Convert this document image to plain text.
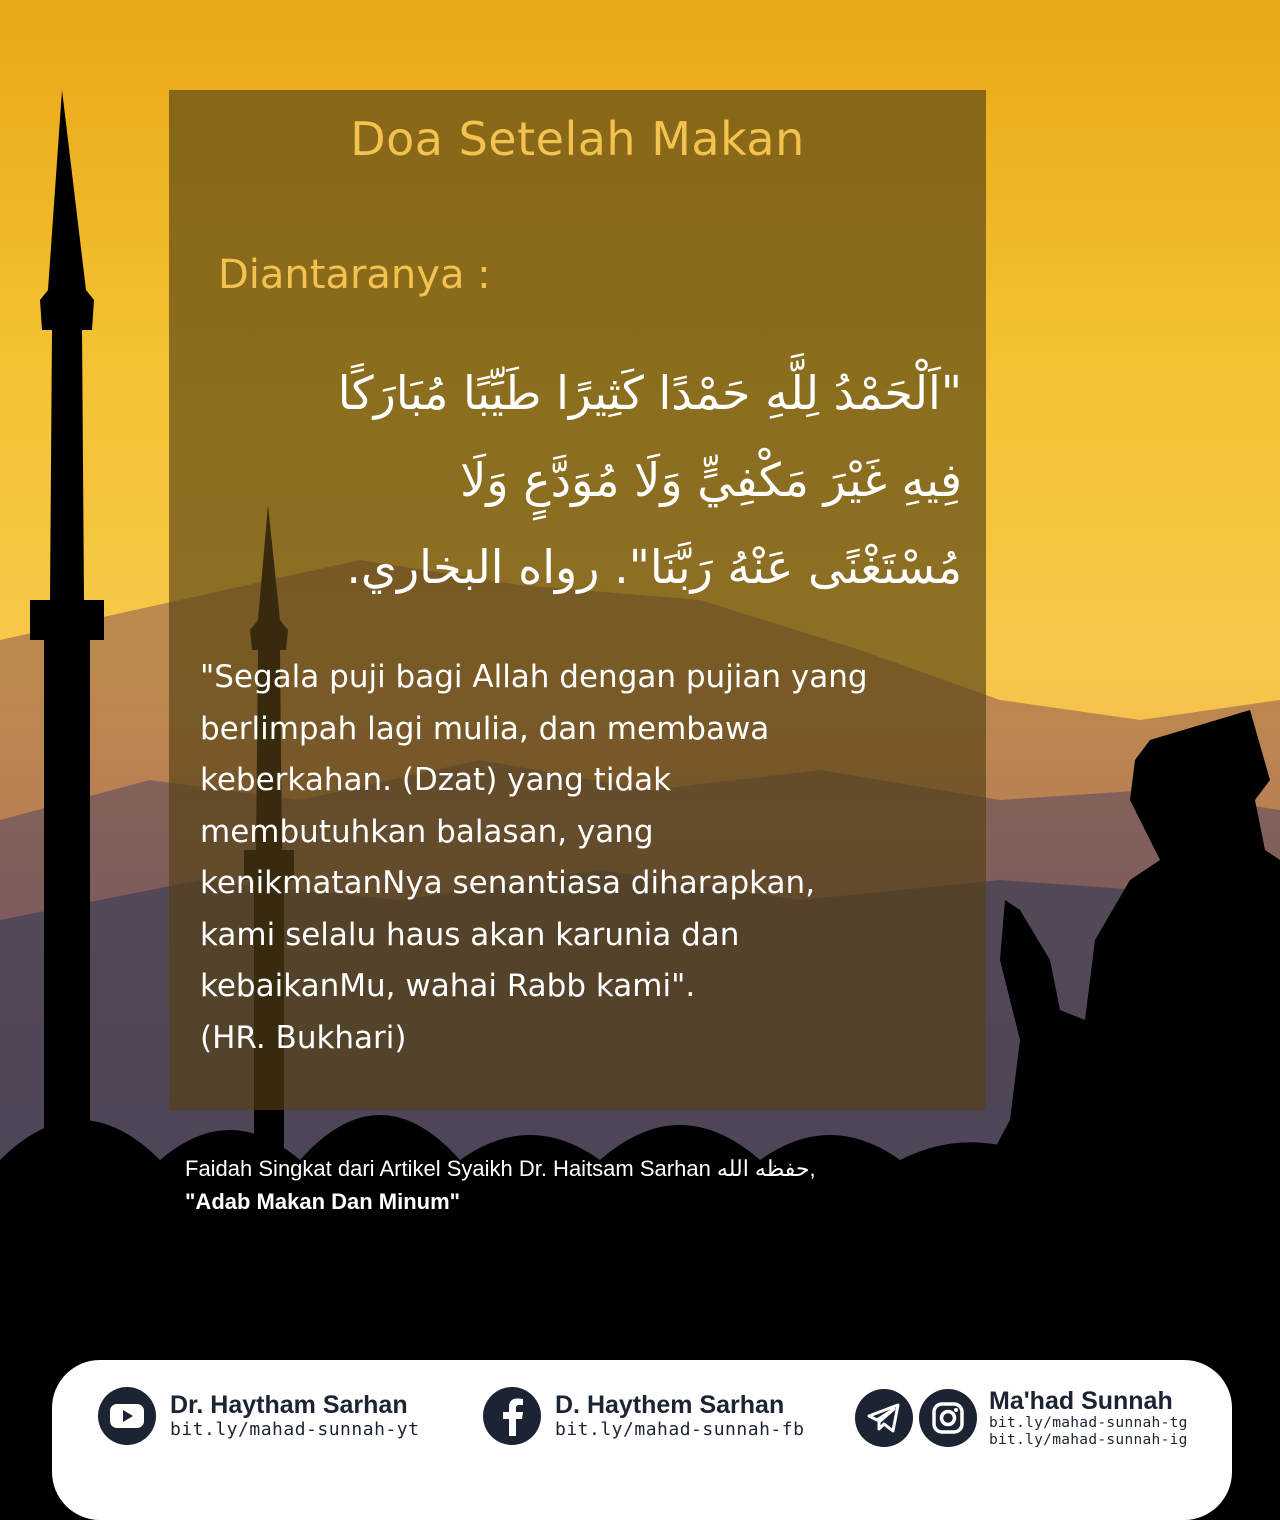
Doa Setelah Makan
Diantaranya :
"اَلْحَمْدُ لِلَّهِ حَمْدًا كَثِيرًا طَيِّبًا مُبَارَكًا
فِيهِ غَيْرَ مَكْفِيٍّ وَلَا مُوَدَّعٍ وَلَا
مُسْتَغْنًى عَنْهُ رَبَّنَا". رواه البخاري.
"Segala puji bagi Allah dengan pujian yang
berlimpah lagi mulia, dan membawa
keberkahan. (Dzat) yang tidak
membutuhkan balasan, yang
kenikmatanNya senantiasa diharapkan,
kami selalu haus akan karunia dan
kebaikanMu, wahai Rabb kami".
(HR. Bukhari)
Faidah Singkat dari Artikel Syaikh Dr. Haitsam Sarhan حفظه الله,
"Adab Makan Dan Minum"
Dr. Haytham Sarhan
bit.ly/mahad-sunnah-yt
D. Haythem Sarhan
bit.ly/mahad-sunnah-fb
Ma'had Sunnah
bit.ly/mahad-sunnah-tg
bit.ly/mahad-sunnah-ig
